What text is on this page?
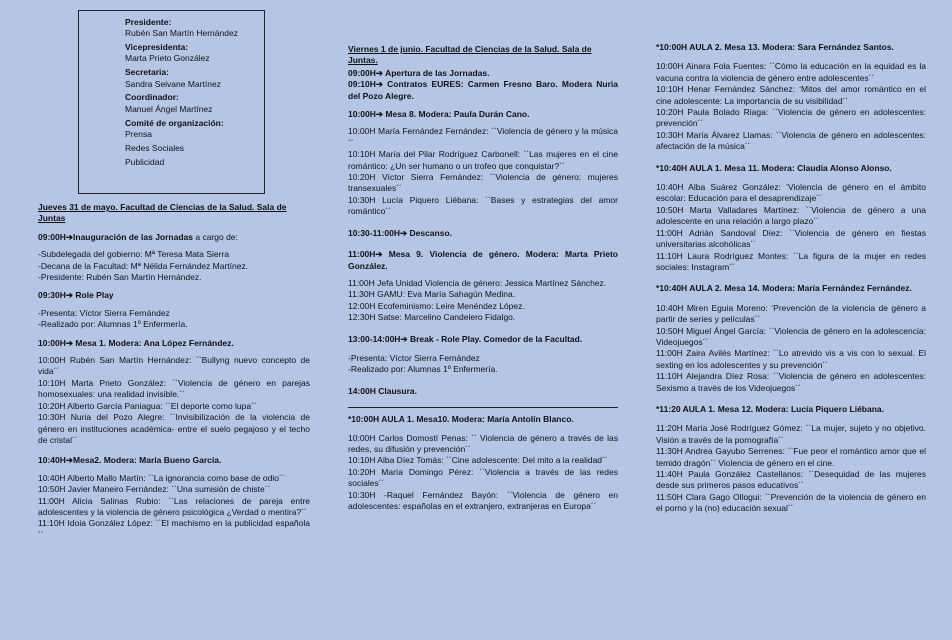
Presidente:
Rubén San Martín Hernández
Vicepresidenta:
Marta Prieto González
Secretaria:
Sandra Seivane Martínez
Coordinador:
Manuel Ángel Martínez
Comité de organización:
Prensa
Redes Sociales
Publicidad
Jueves 31 de mayo. Facultad de Ciencias de la Salud. Sala de Juntas
09:00H➔Inauguración de las Jornadas a cargo de:
-Subdelegada del gobierno: Mª Teresa Mata Sierra
-Decana de la Facultad: Mª Nélida Fernández Martínez.
-Presidente: Rubén San Martín Hernández.
09:30H➔ Role Play
-Presenta: Víctor Sierra Fernández
-Realizado por: Alumnas 1º Enfermería.
10:00H➔ Mesa 1. Modera: Ana López Fernández.
10:00H Rubén San Martín Hernández: ``Bullyng nuevo concepto de vida´´
10:10H Marta Prieto González: ``Violencia de género en parejas homosexuales: una realidad invisible.´´
10:20H Alberto García Paniagua: ``El deporte como lupa´´
10:30H Nuria del Pozo Alegre: ``Invisibilización de la violencia de género en instituciones académica- entre el suelo pegajoso y el techo de cristal´´
10:40H➔Mesa2. Modera: María Bueno García.
10:40H Alberto Mallo Martín: ``La ignorancia como base de odio´´
10:50H Javier Maneiro Fernández: ``Una sumisión de chiste´´
11:00H Alicia Salinas Rubio: ``Las relaciones de pareja entre adolescentes y la violencia de género psicológica ¿Verdad o mentira?´´
11:10H Idoia González López: ``El machismo en la publicidad española´´
Viernes 1 de junio. Facultad de Ciencias de la Salud. Sala de Juntas.
09:00H➔ Apertura de las Jornadas.
09:10H➔ Contratos EURES: Carmen Fresno Baro. Modera Nuria del Pozo Alegre.
10:00H➔ Mesa 8. Modera: Paula Durán Cano.
10:00H María Fernández Fernández: ``Violencia de género y la música´´
10:10H María del Pilar Rodríguez Carbonell: ``Las mujeres en el cine romántico: ¿Un ser humano o un trofeo que conquistar?´´
10:20H Víctor Sierra Fernández: ``Violencia de género: mujeres transexuales´´
10:30H Lucía Piquero Liébana: ``Bases y estrategias del amor romántico´´
10:30-11:00H➔ Descanso.
11:00H➔ Mesa 9. Violencia de género. Modera: Marta Prieto González.
11:00H Jefa Unidad Violencia de género: Jessica Martínez Sánchez.
11:30H GAMU: Eva María Sahagún Medina.
12:00H Ecofeminismo: Leire Menéndez López.
12:30H Satse: Marcelino Candelero Fidalgo.
13:00-14:00H➔ Break - Role Play. Comedor de la Facultad.
-Presenta: Víctor Sierra Fernández
-Realizado por: Alumnas 1º Enfermería.
14:00H Clausura.
*10:00H AULA 1. Mesa10. Modera: María Antolín Blanco.
10:00H Carlos Domostí Penas: `` Violencia de género a través de las redes, su difusión y prevención´´
10:10H Alba Díez Tomás: ``Cine adolescente: Del mito a la realidad´´
10:20H María Domingo Pérez: ``Violencia a través de las redes sociales´´
10:30H -Raquel Fernández Bayón: ``Violencia de género en adolescentes: españolas en el extranjero, extranjeras en Europa´´
*10:00H AULA 2. Mesa 13. Modera: Sara Fernández Santos.
10:00H Ainara Fola Fuentes: ``Cómo la educación en la equidad es la vacuna contra la violencia de género entre adolescentes´´
10:10H Henar Fernández Sánchez: ‘Mitos del amor romántico en el cine adolescente: La importancia de su visibilidad´´
10:20H Paula Bolado Riaga: ``Violencia de género en adolescentes: prevención´´
10:30H María Álvarez Llamas: ``Violencia de género en adolescentes: afectación de la música´´
*10:40H AULA 1. Mesa 11. Modera: Claudia Alonso Alonso.
10:40H Alba Suárez González: ‘Violencia de género en el ámbito escolar: Educación para el desaprendizaje´´
10:50H Marta Valladares Martínez: ``Violencia de género a una adolescente en una relación a largo plazo´´
11:00H Adrián Sandoval Díez: ``Violencia de género en fiestas universitarias alcohólicas´´
11:10H Laura Rodríguez Montes: ``La figura de la mujer en redes sociales: Instagram´´
*10:40H AULA 2. Mesa 14. Modera: María Fernández Fernández.
10:40H Miren Eguia Moreno: ‘Prevención de la violencia de género a partir de series y películas´´
10:50H Miguel Ángel García: ``Violencia de género en la adolescencia: Videojuegos´´
11:00H Zaira Avilés Martínez: ``Lo atrevido vis a vis con lo sexual. El sexting en los adolescentes y su prevención´´
11:10H Alejandra Díez Rosa: ``Violencia de género en adolescentes: Sexismo a través de los Videojuegos´´
*11:20 AULA 1. Mesa 12. Modera: Lucía Piquero Liébana.
11:20H María José Rodríguez Gómez: ``La mujer, sujeto y no objetivo. Visión a través de la pornografía´´
11:30H Andrea Gayubo Serrenes: ``Fue peor el romántico amor que el temido dragón´´ Violencia de género en el cine.
11:40H Paula González Castellanos: ``Desequidad de las mujeres desde sus primeros pasos educativos´´
11:50H Clara Gago Ollogui: ``Prevención de la violencia de género en el porno y la (no) educación sexual´´
